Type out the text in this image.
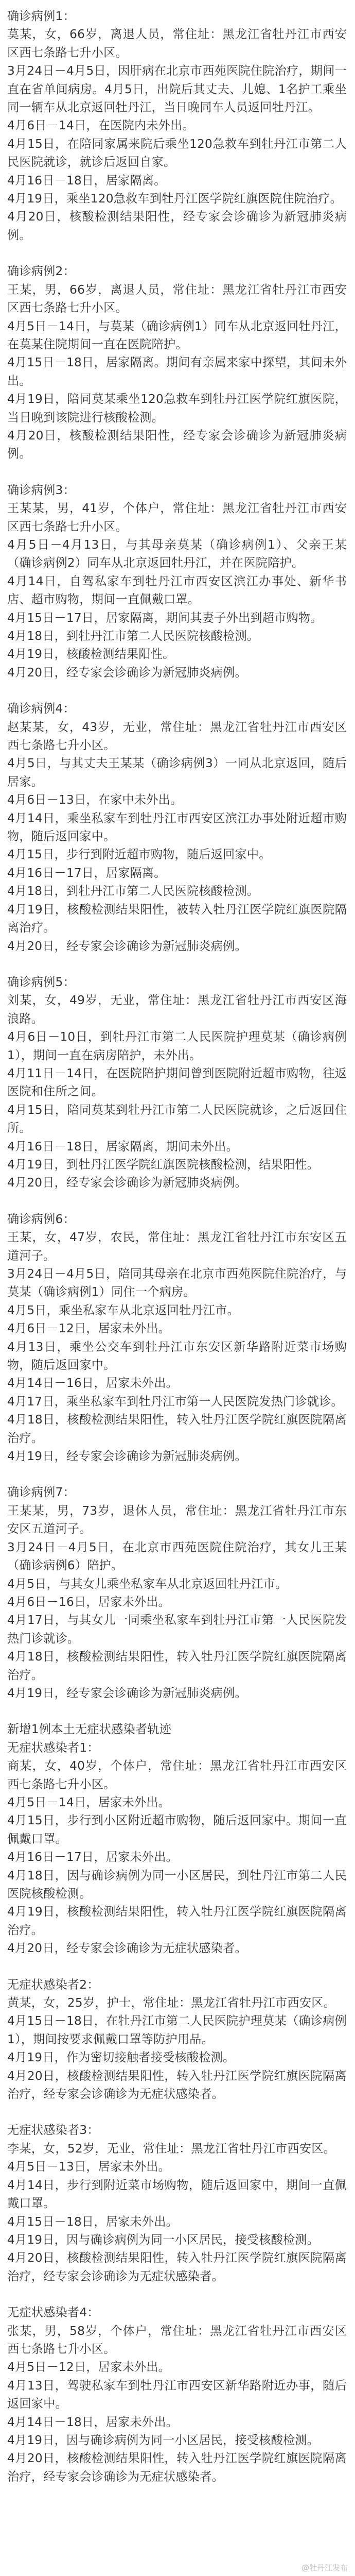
确诊病例1：

莫某，女，66岁，离退人员，常住址：黑龙江省牡丹江市西安区西七条路七升小区。

3月24日－4月5日，因肝病在北京市西苑医院住院治疗，期间一直在省单间病房。4月5日，出院后其丈夫、儿媳、1名护工乘坐同一辆车从北京返回牡丹江，当日晚同车人员返回牡丹江。

4月6日－14日，在医院内未外出。

4月15日，在陪同家属来院后乘坐120急救车到牡丹江市第二人民医院就诊，就诊后返回自家。

4月16日－18日，居家隔离。

4月19日，乘坐120急救车到牡丹江医学院红旗医院住院治疗。

4月20日，核酸检测结果阳性，经专家会诊确诊为新冠肺炎病例。

确诊病例2：

王某，男，66岁，离退人员，常住址：黑龙江省牡丹江市西安区西七条路七升小区。

4月5日－14日，与莫某（确诊病例1）同车从北京返回牡丹江，在莫某住院期间一直在医院陪护。

4月15日－18日，居家隔离。期间有亲属来家中探望，其间未外出。

4月19日，陪同莫某乘坐120急救车到牡丹江医学院红旗医院，当日晚到该院进行核酸检测。

4月20日，核酸检测结果阳性，经专家会诊确诊为新冠肺炎病例。

确诊病例3：

王某某，男，41岁，个体户，常住址：黑龙江省牡丹江市西安区西七条路七升小区。

4月5日－4月13日，与其母亲莫某（确诊病例1）、父亲王某（确诊病例2）同车从北京返回牡丹江，并在医院陪护。

4月14日，自驾私家车到牡丹江市西安区滨江办事处、新华书店、超市购物，期间一直佩戴口罩。

4月15日－17日，居家隔离，期间其妻子外出到超市购物。

4月18日，到牡丹江市第二人民医院核酸检测。

4月19日，核酸检测结果阳性。

4月20日，经专家会诊确诊为新冠肺炎病例。

确诊病例4：

赵某某，女，43岁，无业，常住址：黑龙江省牡丹江市西安区西七条路七升小区。

4月5日，与其丈夫王某某（确诊病例3）一同从北京返回，随后居家。

4月6日－13日，在家中未外出。

4月14日，乘坐私家车到牡丹江市西安区滨江办事处附近超市购物，随后返回家中。

4月15日，步行到附近超市购物，随后返回家中。

4月16日－17日，居家隔离。

4月18日，到牡丹江市第二人民医院核酸检测。

4月19日，核酸检测结果阳性，被转入牡丹江医学院红旗医院隔离治疗。

4月20日，经专家会诊确诊为新冠肺炎病例。

确诊病例5：

刘某，女，49岁，无业，常住址：黑龙江省牡丹江市西安区海浪路。

4月6日－10日，到牡丹江市第二人民医院护理莫某（确诊病例1），期间一直在病房陪护，未外出。

4月11日－14日，在医院陪护期间曾到医院附近超市购物，往返医院和住所之间。

4月15日，陪同莫某到牡丹江市第二人民医院就诊，之后返回住所。

4月16日－18日，居家隔离，期间未外出。

4月19日，到牡丹江医学院红旗医院核酸检测，结果阳性。

4月20日，经专家会诊确诊为新冠肺炎病例。

确诊病例6：

王某，女，47岁，农民，常住址：黑龙江省牡丹江市东安区五道河子。

3月24日－4月5日，陪同其母亲在北京市西苑医院住院治疗，与莫某（确诊病例1）同住一个病房。

4月5日，乘坐私家车从北京返回牡丹江市。

4月6日－12日，居家未外出。

4月13日，乘坐公交车到牡丹江市东安区新华路附近菜市场购物，随后返回家中。

4月14日－16日，居家未外出。

4月17日，乘坐私家车到牡丹江市第一人民医院发热门诊就诊。

4月18日，核酸检测结果阳性，转入牡丹江医学院红旗医院隔离治疗。

4月19日，经专家会诊确诊为新冠肺炎病例。

确诊病例7：

王某某，男，73岁，退休人员，常住址：黑龙江省牡丹江市东安区五道河子。

3月24日－4月5日，在北京市西苑医院住院治疗，其女儿王某（确诊病例6）陪护。

4月5日，与其女儿乘坐私家车从北京返回牡丹江市。

4月6日－16日，居家未外出。

4月17日，与其女儿一同乘坐私家车到牡丹江市第一人民医院发热门诊就诊。

4月18日，核酸检测结果阳性，转入牡丹江医学院红旗医院隔离治疗。

4月19日，经专家会诊确诊为新冠肺炎病例。

新增1例本土无症状感染者轨迹

无症状感染者1：

商某，女，40岁，个体户，常住址：黑龙江省牡丹江市西安区西七条路七升小区。

4月5日－14日，居家未外出。

4月15日，步行到小区附近超市购物，随后返回家中。期间一直佩戴口罩。

4月16日－17日，居家未外出。

4月18日，因与确诊病例为同一小区居民，到牡丹江市第二人民医院核酸检测。

4月19日，核酸检测结果阳性，转入牡丹江医学院红旗医院隔离治疗。

4月20日，经专家会诊确诊为无症状感染者。

无症状感染者2：

黄某，女，25岁，护士，常住址：黑龙江省牡丹江市西安区。

4月15日－18日，在牡丹江市第二人民医院护理莫某（确诊病例1），期间按要求佩戴口罩等防护用品。

4月19日，作为密切接触者接受核酸检测。

4月20日，核酸检测结果阳性，转入牡丹江医学院红旗医院隔离治疗，经专家会诊确诊为无症状感染者。

无症状感染者3：

李某，女，52岁，无业，常住址：黑龙江省牡丹江市西安区。

4月5日－13日，居家未外出。

4月14日，步行到附近菜市场购物，随后返回家中，期间一直佩戴口罩。

4月15日－18日，居家未外出。

4月19日，因与确诊病例为同一小区居民，接受核酸检测。

4月20日，核酸检测结果阳性，转入牡丹江医学院红旗医院隔离治疗，经专家会诊确诊为无症状感染者。

无症状感染者4：

张某，男，58岁，个体户，常住址：黑龙江省牡丹江市西安区西七条路七升小区。

4月5日－12日，居家未外出。

4月13日，驾驶私家车到牡丹江市西安区新华路附近办事，随后返回家中。

4月14日－18日，居家未外出。

4月19日，因与确诊病例为同一小区居民，接受核酸检测。

4月20日，核酸检测结果阳性，转入牡丹江医学院红旗医院隔离治疗，经专家会诊确诊为无症状感染者。

@牡丹江发布
